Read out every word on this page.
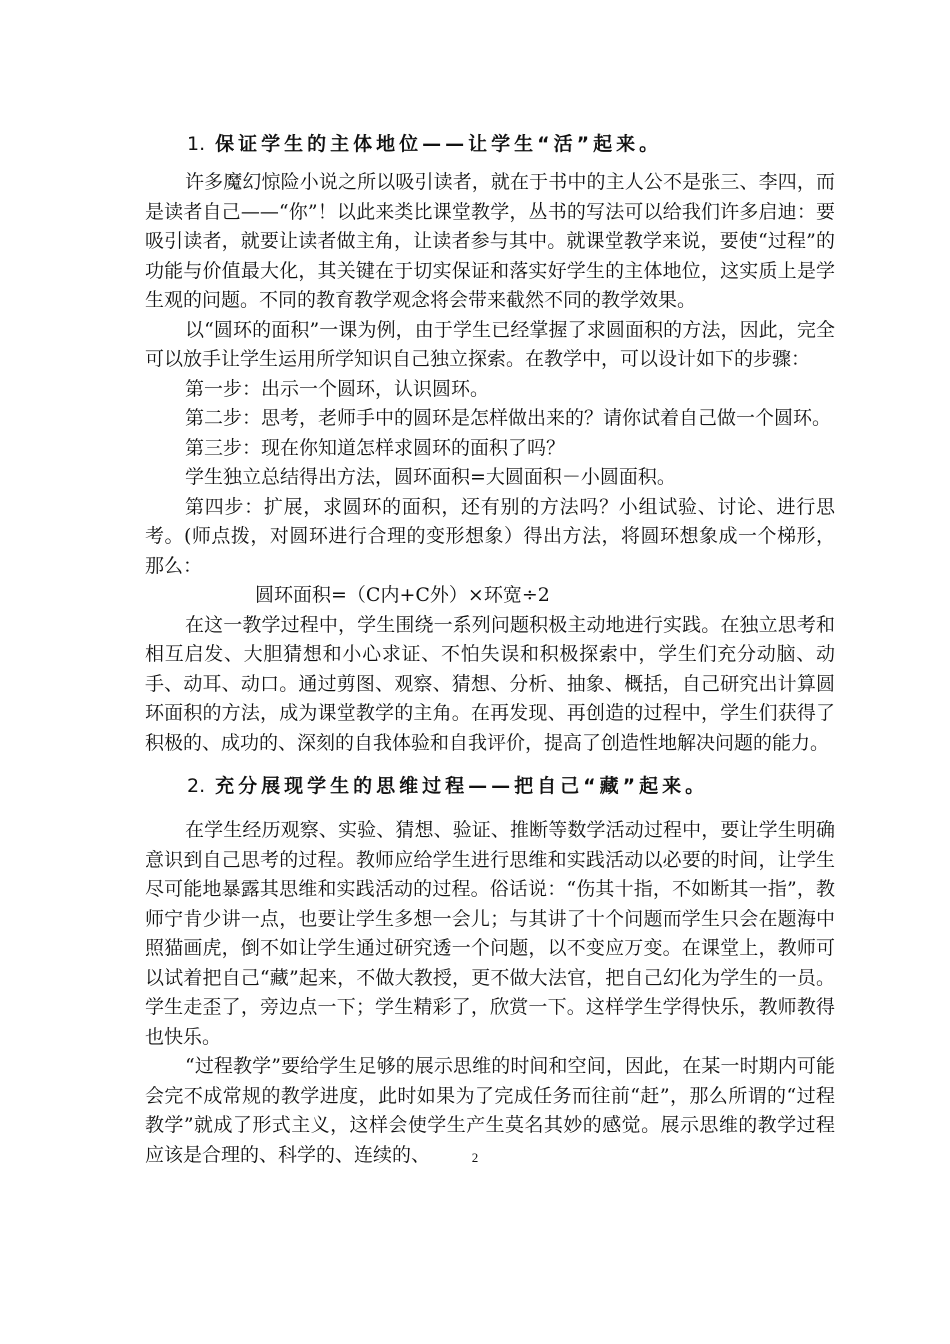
1. 保证学生的主体地位——让学生“活”起来。

许多魔幻惊险小说之所以吸引读者，就在于书中的主人公不是张三、李四，而是读者自己——“你”！以此来类比课堂教学，丛书的写法可以给我们许多启迪：要吸引读者，就要让读者做主角，让读者参与其中。就课堂教学来说，要使“过程”的功能与价值最大化，其关键在于切实保证和落实好学生的主体地位，这实质上是学生观的问题。不同的教育教学观念将会带来截然不同的教学效果。

以“圆环的面积”一课为例，由于学生已经掌握了求圆面积的方法，因此，完全可以放手让学生运用所学知识自己独立探索。在教学中，可以设计如下的步骤：

第一步：出示一个圆环，认识圆环。

第二步：思考，老师手中的圆环是怎样做出来的？请你试着自己做一个圆环。

第三步：现在你知道怎样求圆环的面积了吗？

学生独立总结得出方法，圆环面积=大圆面积－小圆面积。

第四步：扩展，求圆环的面积，还有别的方法吗？小组试验、讨论、进行思考。(师点拨，对圆环进行合理的变形想象）得出方法，将圆环想象成一个梯形，那么：

圆环面积=（C内+C外）×环宽÷2

在这一教学过程中，学生围绕一系列问题积极主动地进行实践。在独立思考和相互启发、大胆猜想和小心求证、不怕失误和积极探索中，学生们充分动脑、动手、动耳、动口。通过剪图、观察、猜想、分析、抽象、概括，自己研究出计算圆环面积的方法，成为课堂教学的主角。在再发现、再创造的过程中，学生们获得了积极的、成功的、深刻的自我体验和自我评价，提高了创造性地解决问题的能力。

2. 充分展现学生的思维过程——把自己“藏”起来。

在学生经历观察、实验、猜想、验证、推断等数学活动过程中，要让学生明确意识到自己思考的过程。教师应给学生进行思维和实践活动以必要的时间，让学生尽可能地暴露其思维和实践活动的过程。俗话说：“伤其十指，不如断其一指”，教师宁肯少讲一点，也要让学生多想一会儿；与其讲了十个问题而学生只会在题海中照猫画虎，倒不如让学生通过研究透一个问题，以不变应万变。在课堂上，教师可以试着把自己“藏”起来，不做大教授，更不做大法官，把自己幻化为学生的一员。学生走歪了，旁边点一下；学生精彩了，欣赏一下。这样学生学得快乐，教师教得也快乐。

“过程教学”要给学生足够的展示思维的时间和空间，因此，在某一时期内可能会完不成常规的教学进度，此时如果为了完成任务而往前“赶”，那么所谓的“过程教学”就成了形式主义，这样会使学生产生莫名其妙的感觉。展示思维的教学过程应该是合理的、科学的、连续的、	2
